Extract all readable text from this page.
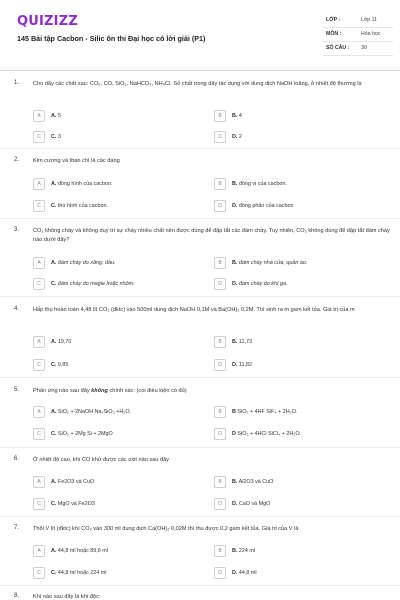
QUIZIZZ
145 Bài tập Cacbon - Silic ôn thi Đại học có lời giải (P1)
LỚP :	Lớp 11
MÔN :	Hóa học
SỐ CÂU : 30
1. Cho dãy các chất sau: CO₂, CO, SiO₂, NaHCO₃, NH₄Cl. Số chất trong dãy tác dụng với dung dịch NaOH loãng, ở nhiệt độ thường là
A	A. 5	B	B. 4
C	C. 3	D	D. 2
2. Kim cương và than chì là các dạng
A	A. đồng hình của cacbon.	B	B. đồng vị của cacbon.
C	C. thù hình của cacbon.	D	D. đồng phân của cacbon
3. CO₂ không cháy và không duy trì sự cháy nhiều chất nên được dùng để dập tắt các đám cháy. Tuy nhiên, CO₂ không dùng để dập tắt đám cháy nào dưới đây?
A	A. đám cháy do xăng, dầu.	B	B. đám cháy nhà cửa, quần áo.
C	C. đám cháy do magie hoặc nhôm.	D	D. đám cháy do khí ga.
4. Hấp thụ hoàn toàn 4,48 lít CO₂ (đktc) vào 500ml dung dịch NaOH 0,1M và Ba(OH)₂ 0,2M. Thì sinh ra m gam kết tủa. Giá trị của m
A	A. 19,70	B	B. 11,73
C	C. 9,85	D	D. 11,82
5. Phản ứng nào sau đây không chính xác: (coi điều kiện có đủ)
A	A. SiO₂ + 2NaOH Na₂SiO₃ +H₂O.	B	B SiO₂ + 4HF SiF₄ + 2H₂O.
C	C. SiO₂ + 2Mg Si + 2MgO	D	D SiO₂ + 4HCl SiCl₄ + 2H₂O.
6. Ở nhiệt độ cao, khí CO khử được các oxit nào sau đây
A	A. Fe2O3 và CuO	B	B. Al2O3 và CuO
C	C. MgO và Fe2O3	D	D. CaO và MgO
7. Thổi V lít (đktc) khí CO₂ vào 300 ml dung dịch Ca(OH)₂ 0,02M thì thu được 0,2 gam kết tủa. Giá trị của V là
A	A. 44,8 ml hoặc 89,6 ml	B	B. 224 ml
C	C. 44,8 ml hoặc 224 ml	D	D. 44,8 ml
8. Khí nào sau đây là khí độc:
